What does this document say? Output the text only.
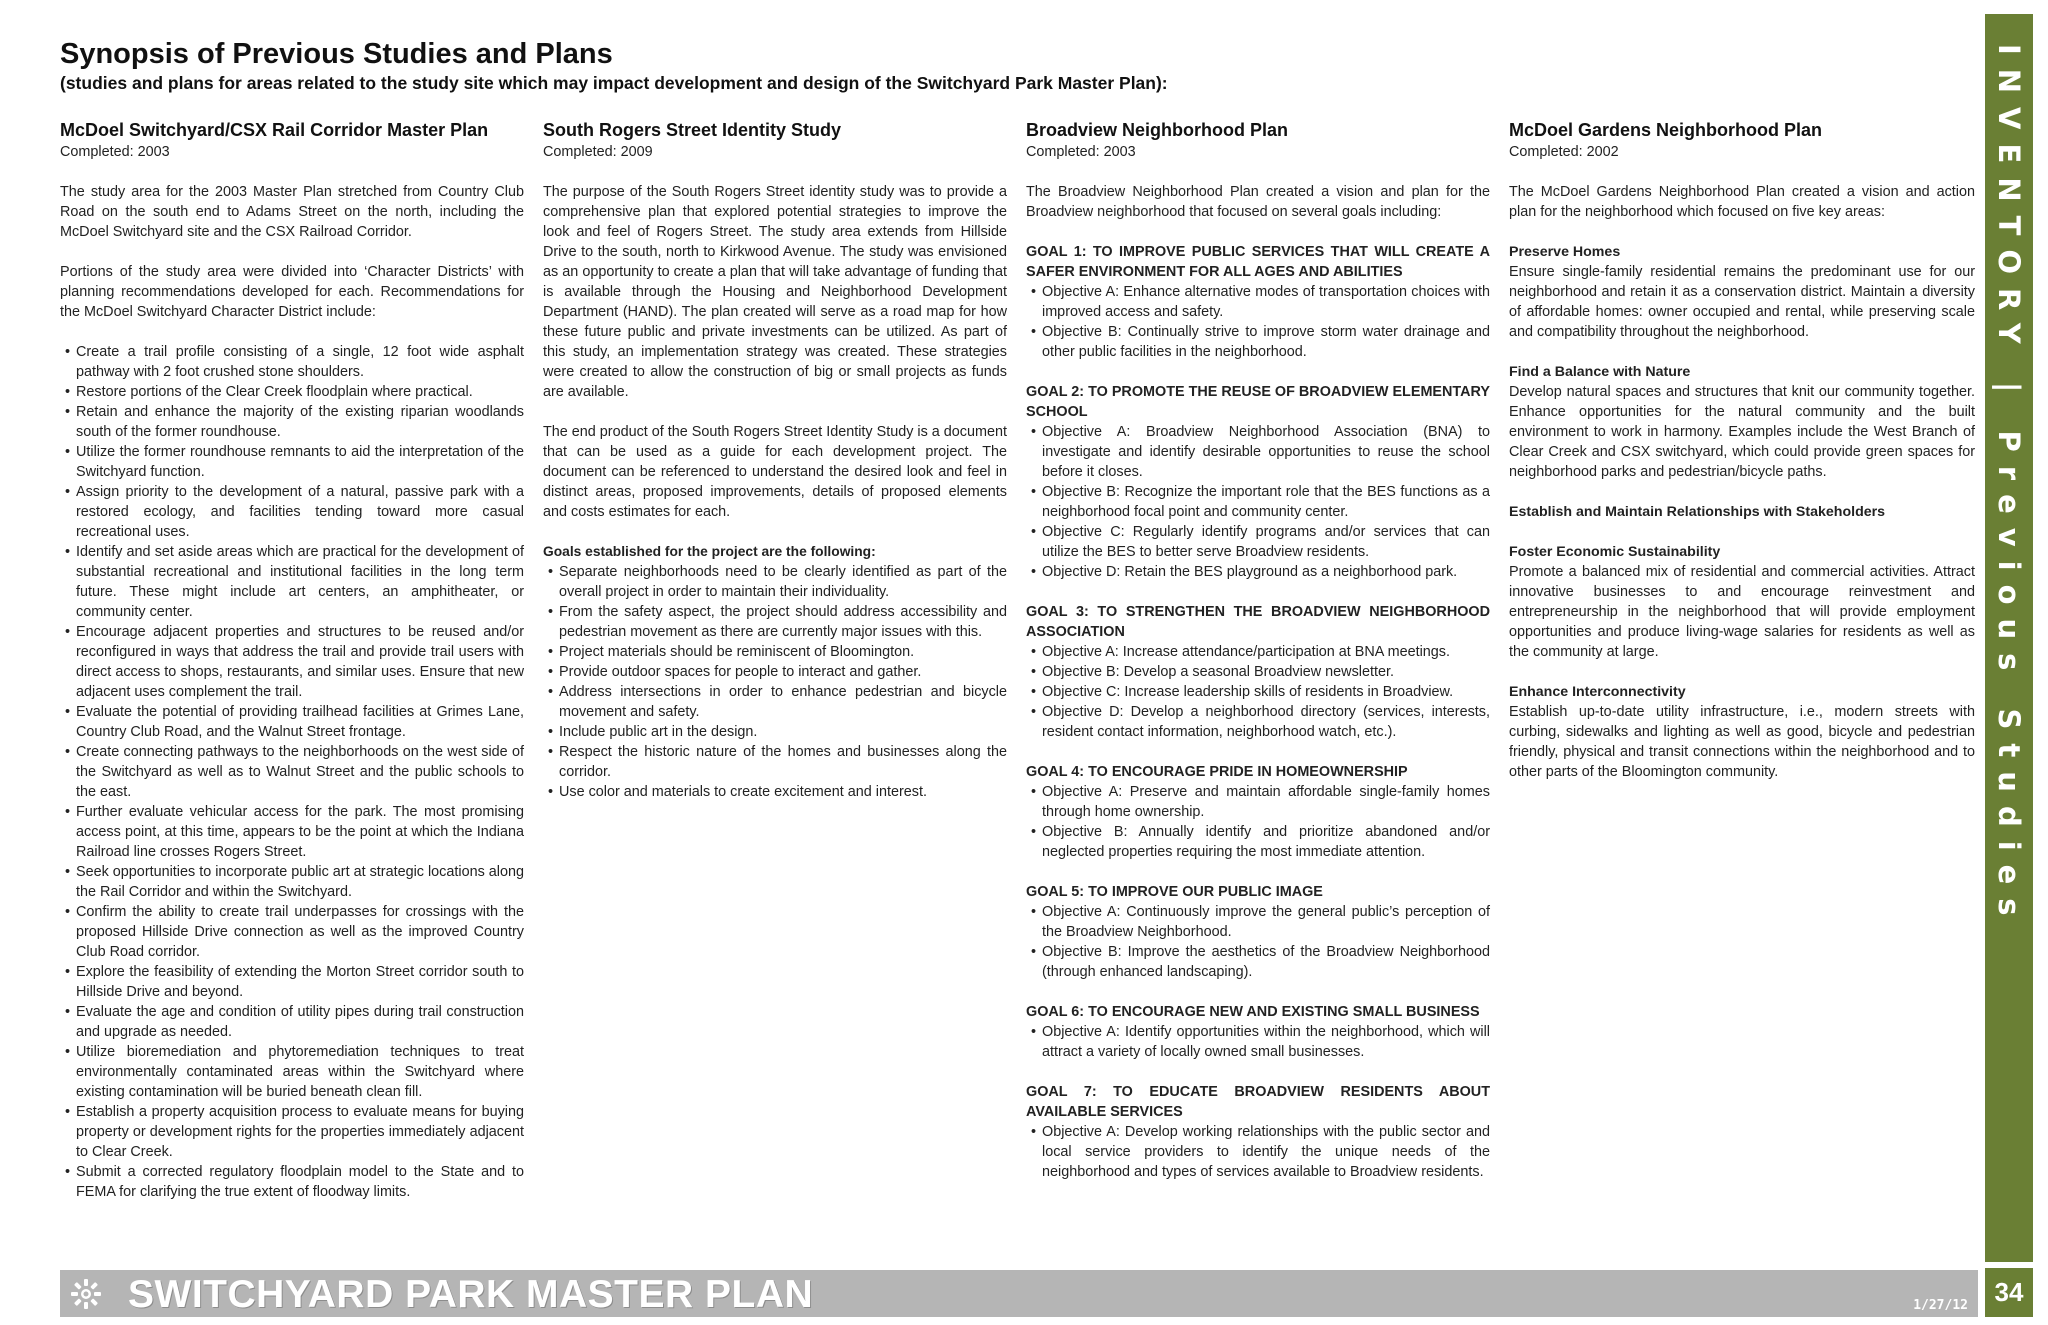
Synopsis of Previous Studies and Plans
(studies and plans for areas related to the study site which may impact development and design of the Switchyard Park Master Plan):
McDoel Switchyard/CSX Rail Corridor Master Plan

Completed: 2003

The study area for the 2003 Master Plan stretched from Country Club Road on the south end to Adams Street on the north, including the McDoel Switchyard site and the CSX Railroad Corridor.

Portions of the study area were divided into ‘Character Districts’ with planning recommendations developed for each. Recommendations for the McDoel Switchyard Character District include:

• Create a trail profile consisting of a single, 12 foot wide asphalt pathway with 2 foot crushed stone shoulders.
• Restore portions of the Clear Creek floodplain where practical.
• Retain and enhance the majority of the existing riparian woodlands south of the former roundhouse.
• Utilize the former roundhouse remnants to aid the interpretation of the Switchyard function.
• Assign priority to the development of a natural, passive park with a restored ecology, and facilities tending toward more casual recreational uses.
• Identify and set aside areas which are practical for the development of substantial recreational and institutional facilities in the long term future. These might include art centers, an amphitheater, or community center.
• Encourage adjacent properties and structures to be reused and/or reconfigured in ways that address the trail and provide trail users with direct access to shops, restaurants, and similar uses. Ensure that new adjacent uses complement the trail.
• Evaluate the potential of providing trailhead facilities at Grimes Lane, Country Club Road, and the Walnut Street frontage.
• Create connecting pathways to the neighborhoods on the west side of the Switchyard as well as to Walnut Street and the public schools to the east.
• Further evaluate vehicular access for the park. The most promising access point, at this time, appears to be the point at which the Indiana Railroad line crosses Rogers Street.
• Seek opportunities to incorporate public art at strategic locations along the Rail Corridor and within the Switchyard.
• Confirm the ability to create trail underpasses for crossings with the proposed Hillside Drive connection as well as the improved Country Club Road corridor.
• Explore the feasibility of extending the Morton Street corridor south to Hillside Drive and beyond.
• Evaluate the age and condition of utility pipes during trail construction and upgrade as needed.
• Utilize bioremediation and phytoremediation techniques to treat environmentally contaminated areas within the Switchyard where existing contamination will be buried beneath clean fill.
• Establish a property acquisition process to evaluate means for buying property or development rights for the properties immediately adjacent to Clear Creek.
• Submit a corrected regulatory floodplain model to the State and to FEMA for clarifying the true extent of floodway limits.
South Rogers Street Identity Study

Completed: 2009

The purpose of the South Rogers Street identity study was to provide a comprehensive plan that explored potential strategies to improve the look and feel of Rogers Street. The study area extends from Hillside Drive to the south, north to Kirkwood Avenue. The study was envisioned as an opportunity to create a plan that will take advantage of funding that is available through the Housing and Neighborhood Development Department (HAND). The plan created will serve as a road map for how these future public and private investments can be utilized. As part of this study, an implementation strategy was created. These strategies were created to allow the construction of big or small projects as funds are available.

The end product of the South Rogers Street Identity Study is a document that can be used as a guide for each development project. The document can be referenced to understand the desired look and feel in distinct areas, proposed improvements, details of proposed elements and costs estimates for each.

Goals established for the project are the following:

• Separate neighborhoods need to be clearly identified as part of the overall project in order to maintain their individuality.
• From the safety aspect, the project should address accessibility and pedestrian movement as there are currently major issues with this.
• Project materials should be reminiscent of Bloomington.
• Provide outdoor spaces for people to interact and gather.
• Address intersections in order to enhance pedestrian and bicycle movement and safety.
• Include public art in the design.
• Respect the historic nature of the homes and businesses along the corridor.
• Use color and materials to create excitement and interest.
Broadview Neighborhood Plan

Completed: 2003

The Broadview Neighborhood Plan created a vision and plan for the Broadview neighborhood that focused on several goals including:

GOAL 1: TO IMPROVE PUBLIC SERVICES THAT WILL CREATE A SAFER ENVIRONMENT FOR ALL AGES AND ABILITIES

• Objective A: Enhance alternative modes of transportation choices with improved access and safety.
• Objective B: Continually strive to improve storm water drainage and other public facilities in the neighborhood.

GOAL 2: TO PROMOTE THE REUSE OF BROADVIEW ELEMENTARY SCHOOL

• Objective A: Broadview Neighborhood Association (BNA) to investigate and identify desirable opportunities to reuse the school before it closes.
• Objective B: Recognize the important role that the BES functions as a neighborhood focal point and community center.
• Objective C: Regularly identify programs and/or services that can utilize the BES to better serve Broadview residents.
• Objective D: Retain the BES playground as a neighborhood park.

GOAL 3: TO STRENGTHEN THE BROADVIEW NEIGHBORHOOD ASSOCIATION

• Objective A: Increase attendance/participation at BNA meetings.
• Objective B: Develop a seasonal Broadview newsletter.
• Objective C: Increase leadership skills of residents in Broadview.
• Objective D: Develop a neighborhood directory (services, interests, resident contact information, neighborhood watch, etc.).

GOAL 4: TO ENCOURAGE PRIDE IN HOMEOWNERSHIP

• Objective A: Preserve and maintain affordable single-family homes through home ownership.
• Objective B: Annually identify and prioritize abandoned and/or neglected properties requiring the most immediate attention.

GOAL 5: TO IMPROVE OUR PUBLIC IMAGE

• Objective A: Continuously improve the general public’s perception of the Broadview Neighborhood.
• Objective B: Improve the aesthetics of the Broadview Neighborhood (through enhanced landscaping).

GOAL 6: TO ENCOURAGE NEW AND EXISTING SMALL BUSINESS

• Objective A: Identify opportunities within the neighborhood, which will attract a variety of locally owned small businesses.

GOAL 7: TO EDUCATE BROADVIEW RESIDENTS ABOUT AVAILABLE SERVICES

• Objective A: Develop working relationships with the public sector and local service providers to identify the unique needs of the neighborhood and types of services available to Broadview residents.
McDoel Gardens Neighborhood Plan

Completed: 2002

The McDoel Gardens Neighborhood Plan created a vision and action plan for the neighborhood which focused on five key areas:

Preserve Homes

Ensure single-family residential remains the predominant use for our neighborhood and retain it as a conservation district. Maintain a diversity of affordable homes: owner occupied and rental, while preserving scale and compatibility throughout the neighborhood.

Find a Balance with Nature

Develop natural spaces and structures that knit our community together. Enhance opportunities for the natural community and the built environment to work in harmony. Examples include the West Branch of Clear Creek and CSX switchyard, which could provide green spaces for neighborhood parks and pedestrian/bicycle paths.

Establish and Maintain Relationships with Stakeholders

Foster Economic Sustainability

Promote a balanced mix of residential and commercial activities. Attract innovative businesses to and encourage reinvestment and entrepreneurship in the neighborhood that will provide employment opportunities and produce living-wage salaries for residents as well as the community at large.

Enhance Interconnectivity

Establish up-to-date utility infrastructure, i.e., modern streets with curbing, sidewalks and lighting as well as good, bicycle and pedestrian friendly, physical and transit connections within the neighborhood and to other parts of the Bloomington community.	INVENTORY | Previous Studies
SWITCHYARD PARK MASTER PLAN	1/27/12	34
